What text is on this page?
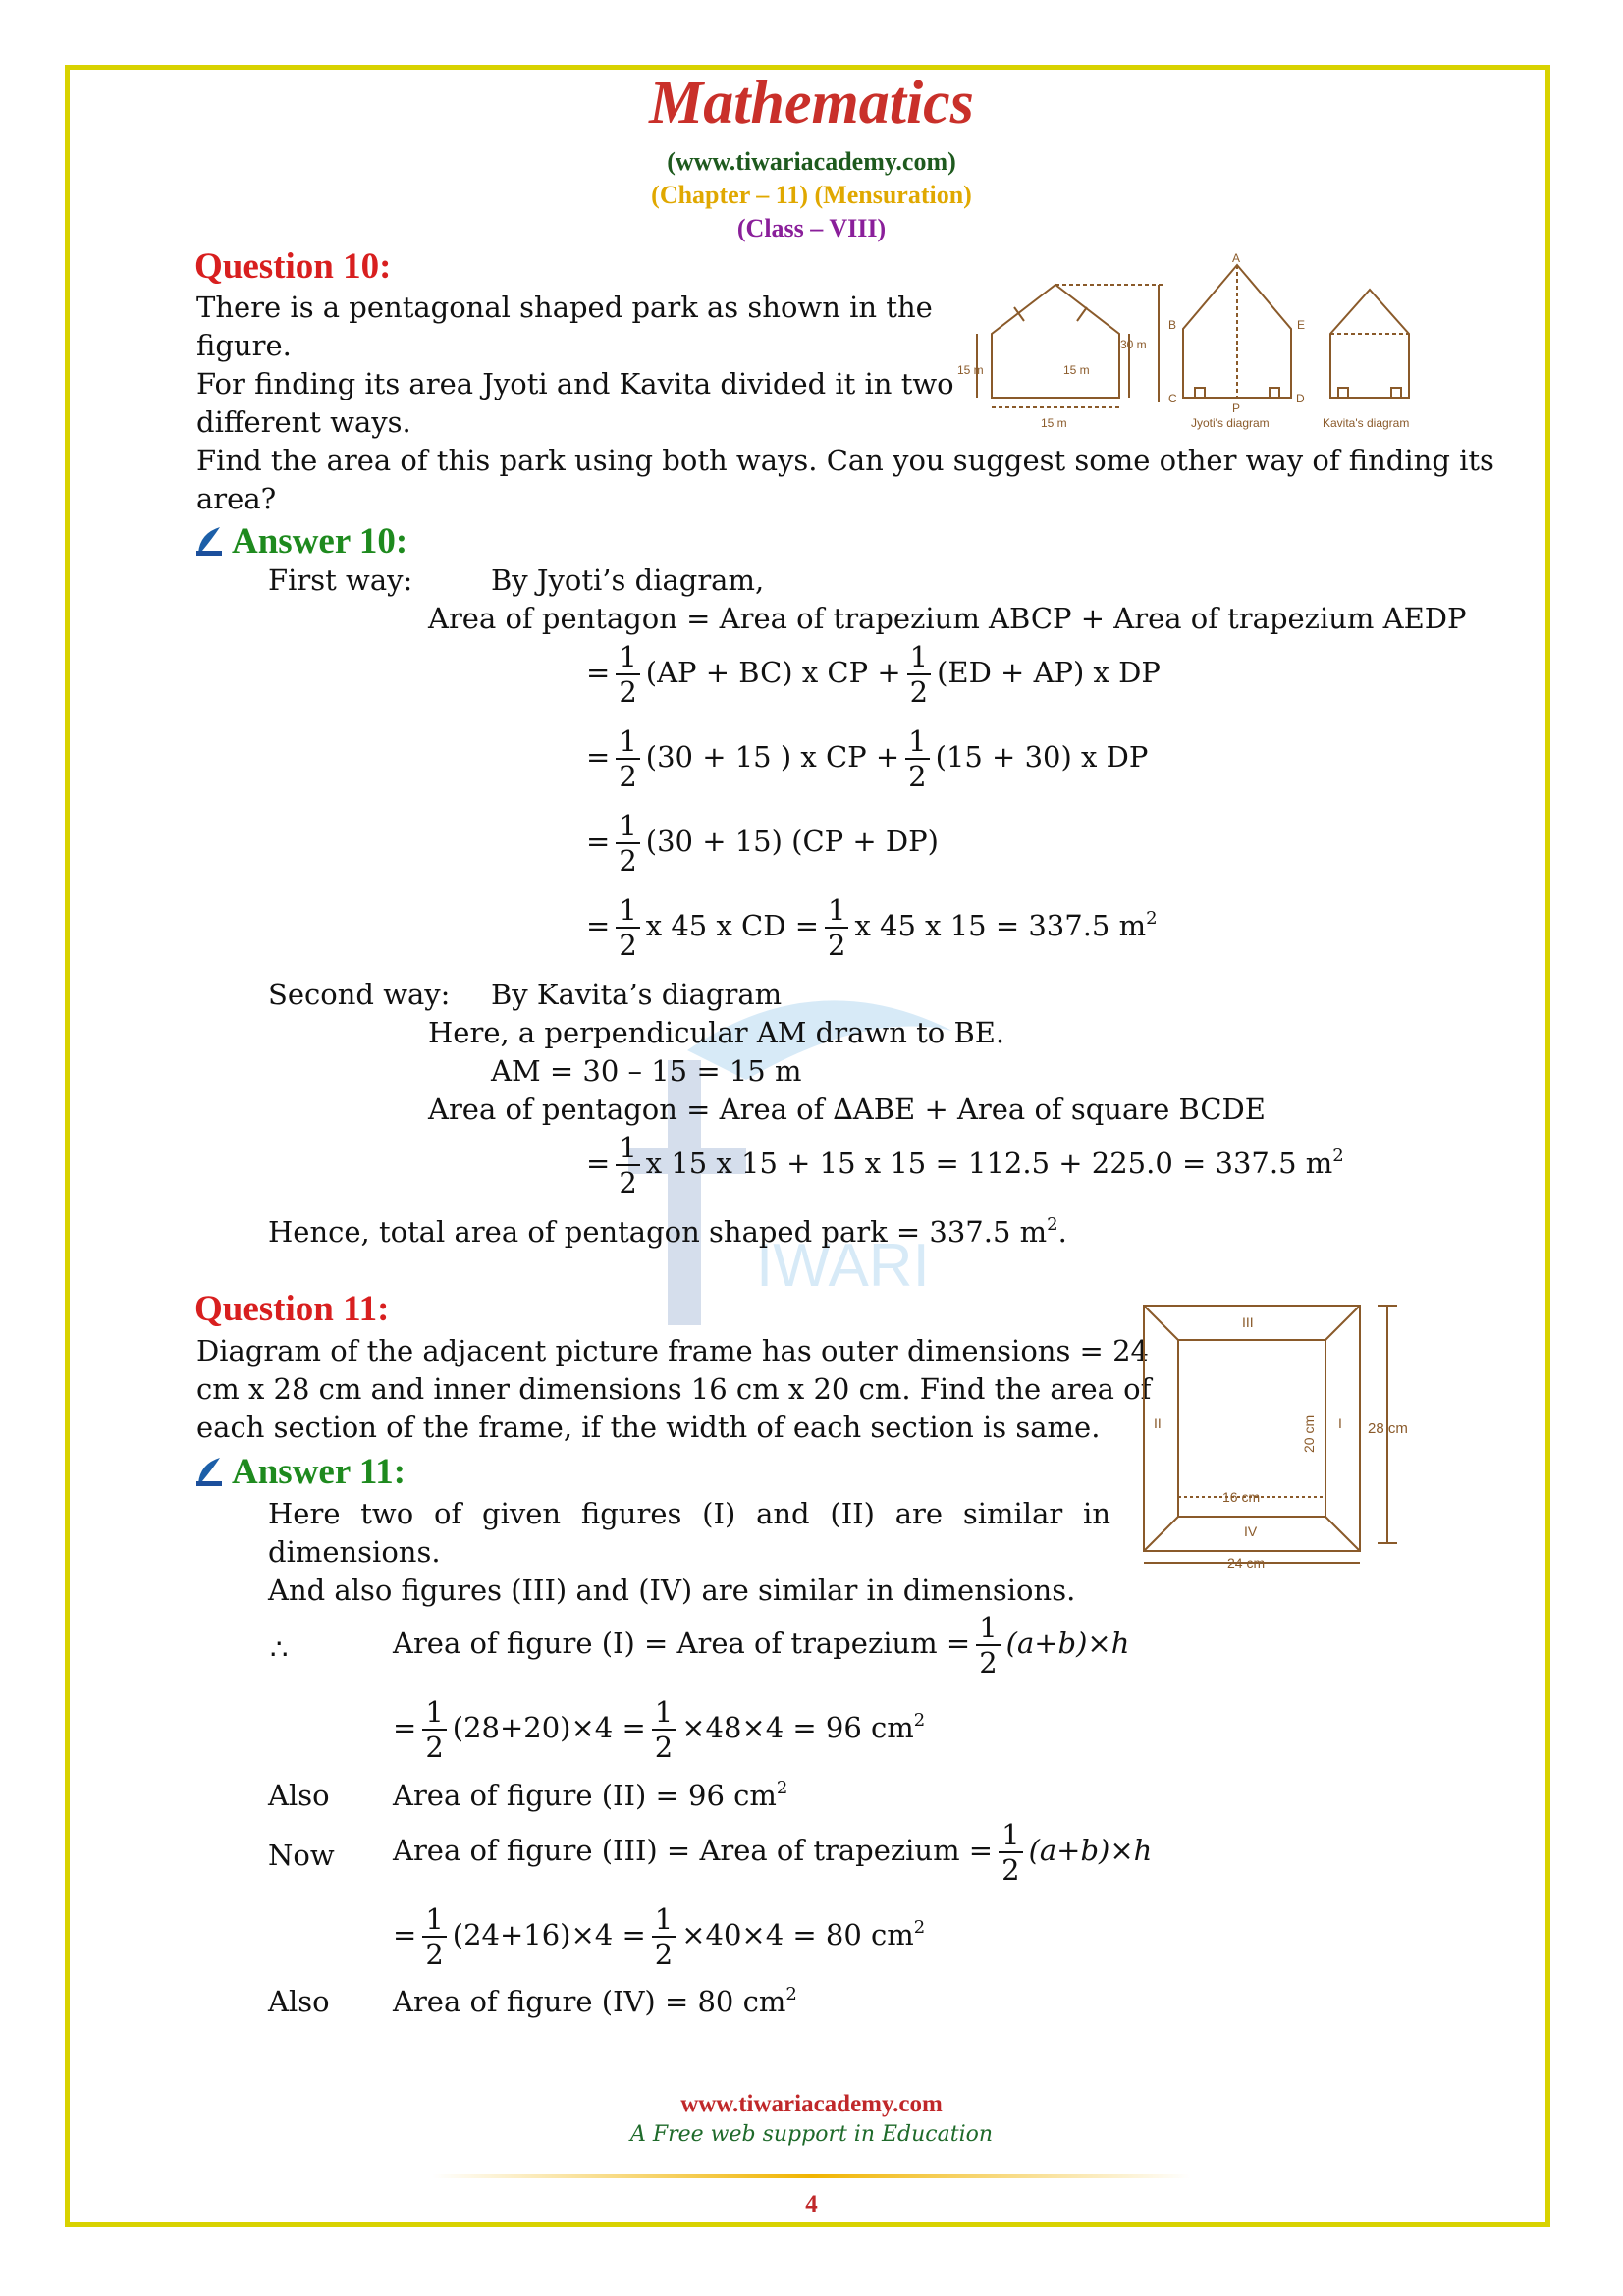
IWARI
Mathematics
(www.tiwariacademy.com)
(Chapter – 11) (Mensuration)
(Class – VIII)
Question 10:
There is a pentagonal shaped park as shown in the
figure.
For finding its area Jyoti and Kavita divided it in two
different ways.
Find the area of this park using both ways. Can you suggest some other way of finding its
area?
15 m	15 m
30 m
15 m
A
B	E
C
P
D
Jyoti's diagram	Kavita's diagram
Answer 10:
First way:	By Jyoti’s diagram,
Area of pentagon = Area of trapezium ABCP + Area of trapezium AEDP
= $\frac{1}{2} (AP + BC)$ x CP + $\frac{1}{2} (ED + AP)$ x DP
= $\frac{1}{2} (30 + 15$ ) x CP + $\frac{1}{2} (15 + 30)$ x DP
= $\frac{1}{2} (30 + 15) (CP + DP)$
= $\frac{1}{2}$ x 45 x CD = $\frac{1}{2}$ x 45 x 15 = 337.5 $m^2$
Second way: By Kavita’s diagram
Here, a perpendicular AM drawn to BE.
AM = 30 – 15 = 15 m
Area of pentagon = Area of ∆ABE + Area of square BCDE
= $\frac{1}{2}$ x 15 x 15 + 15 x 15 = 112.5 + 225.0 = 337.5 $m^2$
Hence, total area of pentagon shaped park = 337.5 $m^2$.
Question 11:
Diagram of the adjacent picture frame has outer dimensions = 24
cm x 28 cm and inner dimensions 16 cm x 20 cm. Find the area of
each section of the frame, if the width of each section is same.
III
II	I
IV
20 cm	28 cm
16 cm
24 cm
Answer 11:
Here two of given figures (I) and (II) are similar in
dimensions.
And also figures (III) and (IV) are similar in dimensions.
∴	Area of figure (I) = Area of trapezium = $\frac{1}{2} (a+b)\times h$
= $\frac{1}{2} (28+20)\times 4 = \frac{1}{2} \times 48\times 4 = 96$ $cm^2$
Also Area of figure (II) = 96 $cm^2$
Now Area of figure (III) = Area of trapezium = $\frac{1}{2} (a+b)\times h$
= $\frac{1}{2} (24+16)\times 4 = \frac{1}{2} \times 40\times 4 = 80$ $cm^2$
Also Area of figure (IV) = 80 $cm^2$
www.tiwariacademy.com
A Free web support in Education
4
